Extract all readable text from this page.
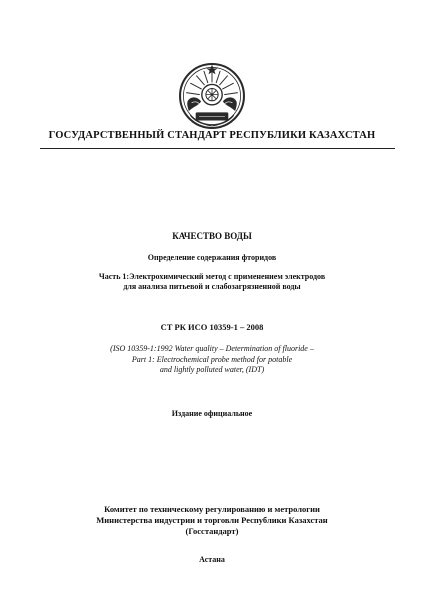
ГОСУДАРСТВЕННЫЙ СТАНДАРТ РЕСПУБЛИКИ КАЗАХСТАН
КАЧЕСТВО ВОДЫ
Определение содержания фторидов
Часть 1:Электрохимический метод с применением электродов
для анализа питьевой и слабозагрязненной воды
СТ РК ИСО 10359-1 – 2008
(ISO 10359-1:1992 Water quality – Determination of fluoride –
Part 1: Electrochemical probe method for potable
and lightly polluted water, (IDT)
Издание официальное
Комитет по техническому регулированию и метрологии
Министерства индустрии и торговли Республики Казахстан
(Госстандарт)
Астана
